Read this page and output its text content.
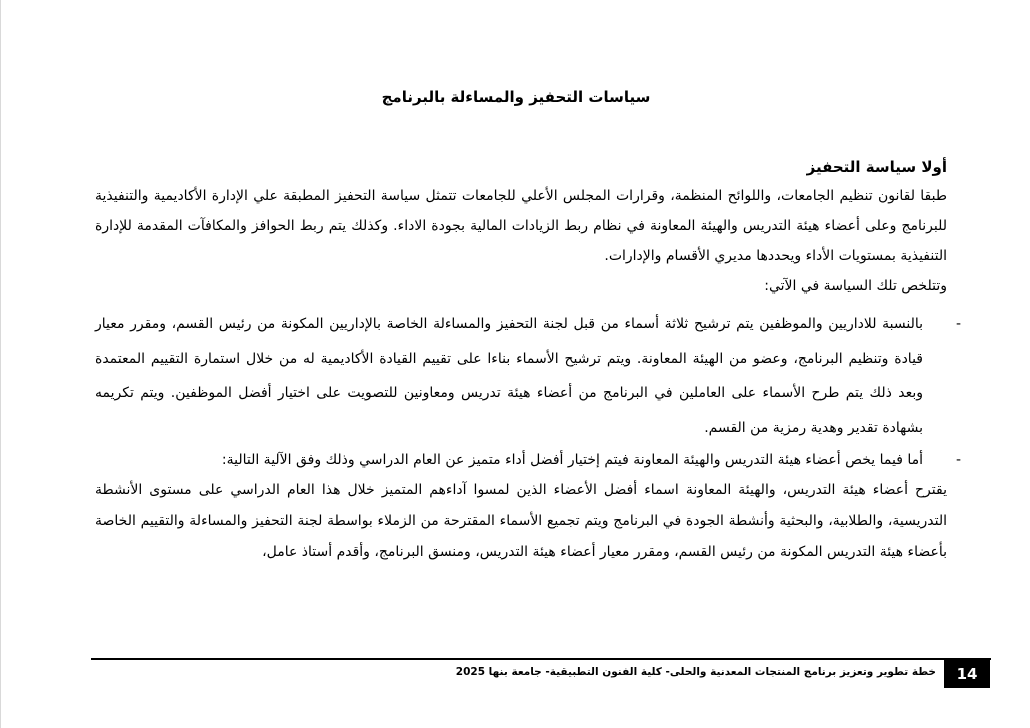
سياسات التحفيز والمساءلة بالبرنامج
أولا سياسة التحفيز

طبقا لقانون تنظيم الجامعات، واللوائح المنظمة، وقرارات المجلس الأعلي للجامعات تتمثل سياسة التحفيز المطبقة علي الإدارة الأكاديمية والتنفيذية للبرنامج وعلى أعضاء هيئة التدريس والهيئة المعاونة في نظام ربط الزيادات المالية بجودة الاداء. وكذلك يتم ربط الحوافز والمكافآت المقدمة للإدارة التنفيذية بمستويات الأداء ويحددها مديري الأقسام والإدارات.

وتتلخص تلك السياسة في الآتي:

-
بالنسبة للاداريين والموظفين يتم ترشيح ثلاثة أسماء من قبل لجنة التحفيز والمساءلة الخاصة بالإداريين المكونة من رئيس القسم، ومقرر معيار قيادة وتنظيم البرنامج، وعضو من الهيئة المعاونة. ويتم ترشيح الأسماء بناءا على تقييم القيادة الأكاديمية له من خلال استمارة التقييم المعتمدة وبعد ذلك يتم طرح الأسماء على العاملين في البرنامج من أعضاء هيئة تدريس ومعاونين للتصويت على اختيار أفضل الموظفين. ويتم تكريمه بشهادة تقدير وهدية رمزية من القسم.
-
أما فيما يخص أعضاء هيئة التدريس والهيئة المعاونة فيتم إختيار أفضل أداء متميز عن العام الدراسي وذلك وفق الآلية التالية:

يقترح أعضاء هيئة التدريس، والهيئة المعاونة اسماء أفضل الأعضاء الذين لمسوا آداءهم المتميز خلال هذا العام الدراسي على مستوى الأنشطة التدريسية، والطلابية، والبحثية وأنشطة الجودة في البرنامج ويتم تجميع الأسماء المقترحة من الزملاء بواسطة لجنة التحفيز والمساءلة والتقييم الخاصة بأعضاء هيئة التدريس المكونة من رئيس القسم، ومقرر معيار أعضاء هيئة التدريس، ومنسق البرنامج، وأقدم أستاذ عامل،

14
خطة تطوير وتعزيز برنامج المنتجات المعدنية والحلى- كلية الفنون التطبيقية- جامعة بنها 2025
